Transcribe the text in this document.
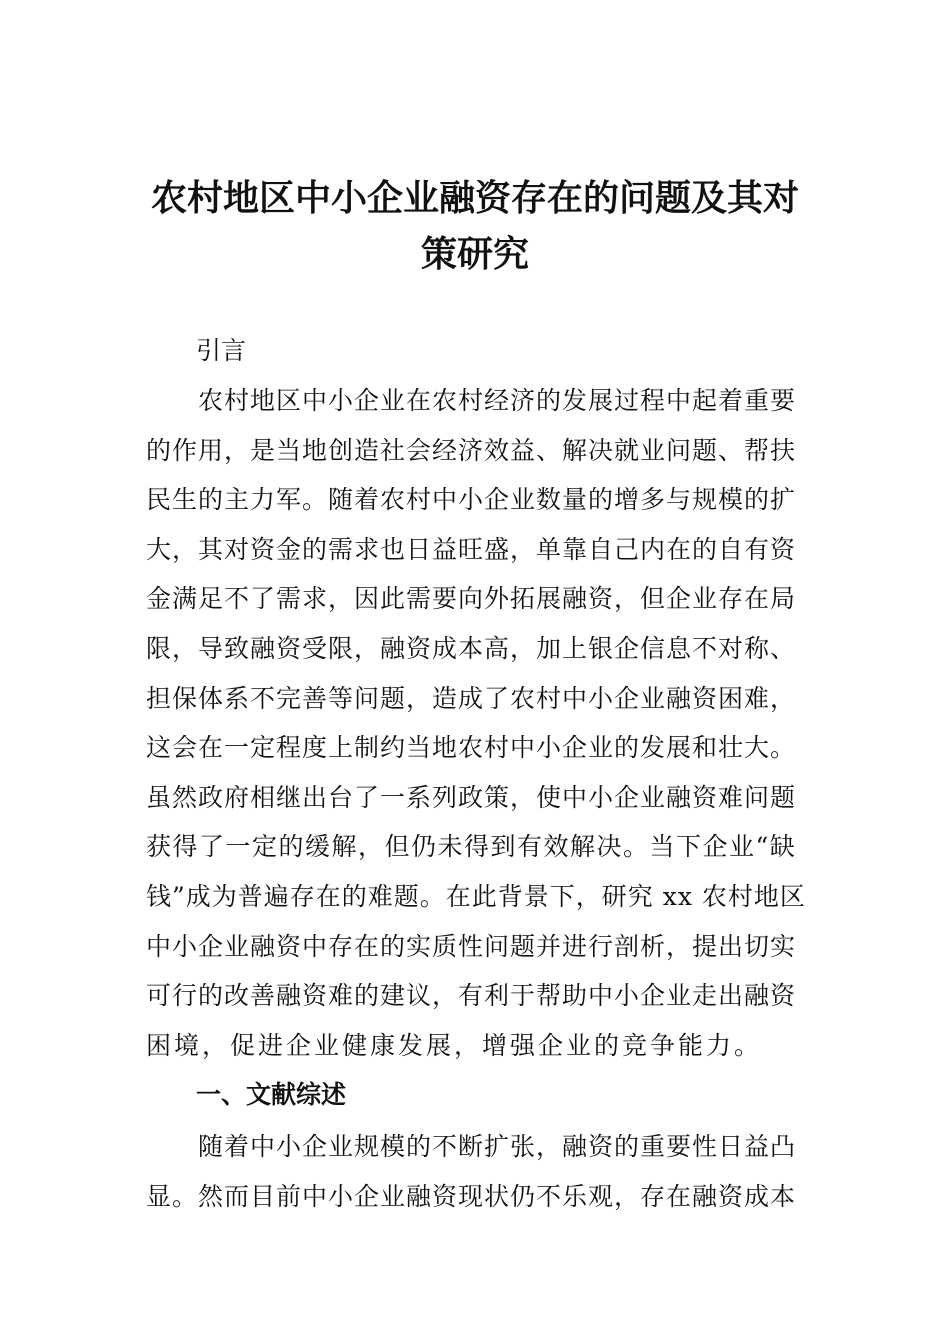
农村地区中小企业融资存在的问题及其对
策研究
引言

　　农村地区中小企业在农村经济的发展过程中起着重要
的作用，是当地创造社会经济效益、解决就业问题、帮扶
民生的主力军。随着农村中小企业数量的增多与规模的扩
大，其对资金的需求也日益旺盛，单靠自己内在的自有资
金满足不了需求，因此需要向外拓展融资，但企业存在局
限，导致融资受限，融资成本高，加上银企信息不对称、
担保体系不完善等问题，造成了农村中小企业融资困难，
这会在一定程度上制约当地农村中小企业的发展和壮大。
虽然政府相继出台了一系列政策，使中小企业融资难问题
获得了一定的缓解，但仍未得到有效解决。当下企业“缺
钱”成为普遍存在的难题。在此背景下，研究 xx 农村地区
中小企业融资中存在的实质性问题并进行剖析，提出切实
可行的改善融资难的建议，有利于帮助中小企业走出融资
困境，促进企业健康发展，增强企业的竞争能力。

一、文献综述

　　随着中小企业规模的不断扩张，融资的重要性日益凸
显。然而目前中小企业融资现状仍不乐观，存在融资成本
